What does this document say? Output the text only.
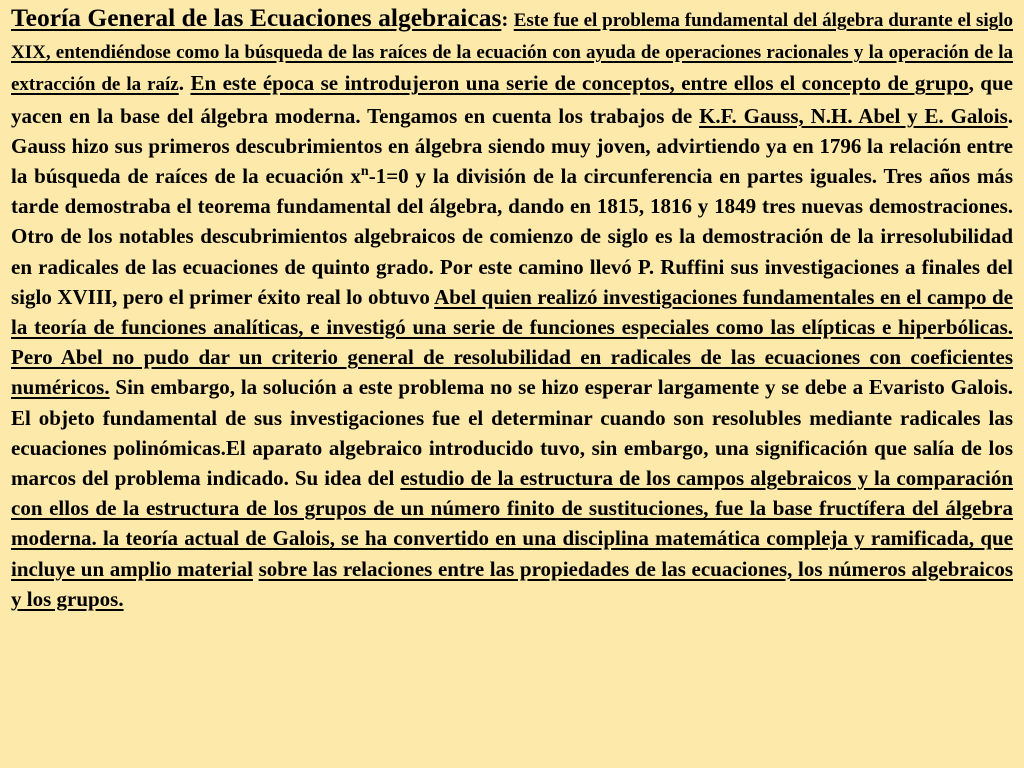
Teoría General de las Ecuaciones algebraicas: Este fue el problema fundamental del álgebra durante el siglo XIX, entendiéndose como la búsqueda de las raíces de la ecuación con ayuda de operaciones racionales y la operación de la extracción de la raíz. En este época se introdujeron una serie de conceptos, entre ellos el concepto de grupo, que yacen en la base del álgebra moderna. Tengamos en cuenta los trabajos de K.F. Gauss, N.H. Abel y E. Galois. Gauss hizo sus primeros descubrimientos en álgebra siendo muy joven, advirtiendo ya en 1796 la relación entre la búsqueda de raíces de la ecuación $x^n-1=0$ y la división de la circunferencia en partes iguales. Tres años más tarde demostraba el teorema fundamental del álgebra, dando en 1815, 1816 y 1849 tres nuevas demostraciones. Otro de los notables descubrimientos algebraicos de comienzo de siglo es la demostración de la irresolubilidad en radicales de las ecuaciones de quinto grado. Por este camino llevó P. Ruffini sus investigaciones a finales del siglo XVIII, pero el primer éxito real lo obtuvo Abel quien realizó investigaciones fundamentales en el campo de la teoría de funciones analíticas, e investigó una serie de funciones especiales como las elípticas e hiperbólicas. Pero Abel no pudo dar un criterio general de resolubilidad en radicales de las ecuaciones con coeficientes numéricos. Sin embargo, la solución a este problema no se hizo esperar largamente y se debe a Evaristo Galois. El objeto fundamental de sus investigaciones fue el determinar cuando son resolubles mediante radicales las ecuaciones polinómicas.El aparato algebraico introducido tuvo, sin embargo, una significación que salía de los marcos del problema indicado. Su idea del estudio de la estructura de los campos algebraicos y la comparación con ellos de la estructura de los grupos de un número finito de sustituciones, fue la base fructífera del álgebra moderna. la teoría actual de Galois, se ha convertido en una disciplina matemática compleja y ramificada, que incluye un amplio material sobre las relaciones entre las propiedades de las ecuaciones, los números algebraicos y los grupos.
